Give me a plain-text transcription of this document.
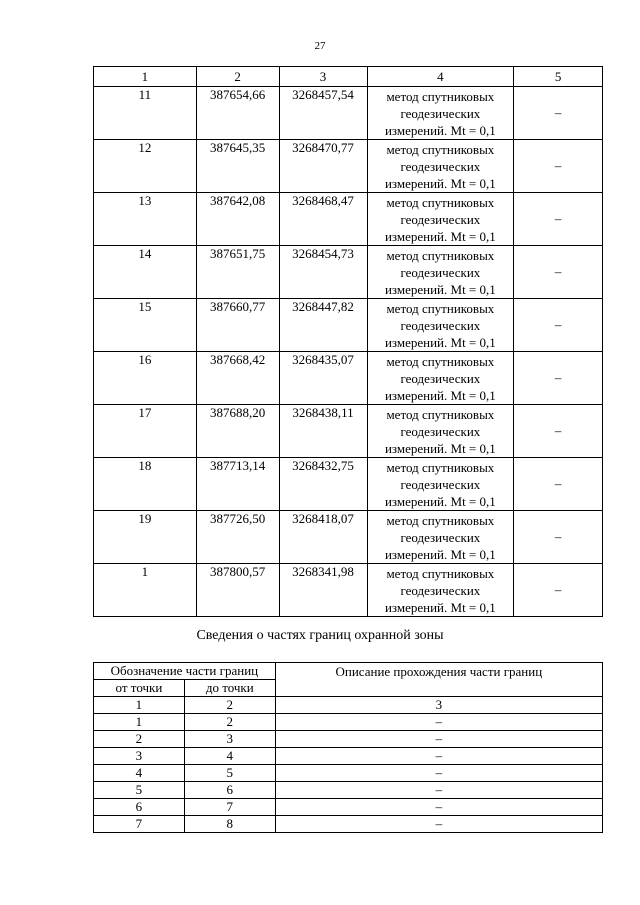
27
1	2	3	4	5
11	387654,66	3268457,54	метод спутниковых
геодезических
измерений. Mt = 0,1	–
12	387645,35	3268470,77	метод спутниковых
геодезических
измерений. Mt = 0,1	–
13	387642,08	3268468,47	метод спутниковых
геодезических
измерений. Mt = 0,1	–
14	387651,75	3268454,73	метод спутниковых
геодезических
измерений. Mt = 0,1	–
15	387660,77	3268447,82	метод спутниковых
геодезических
измерений. Mt = 0,1	–
16	387668,42	3268435,07	метод спутниковых
геодезических
измерений. Mt = 0,1	–
17	387688,20	3268438,11	метод спутниковых
геодезических
измерений. Mt = 0,1	–
18	387713,14	3268432,75	метод спутниковых
геодезических
измерений. Mt = 0,1	–
19	387726,50	3268418,07	метод спутниковых
геодезических
измерений. Mt = 0,1	–
1	387800,57	3268341,98	метод спутниковых
геодезических
измерений. Mt = 0,1	–
Сведения о частях границ охранной зоны
Обозначение части границ		Описание прохождения части границ
от точки	до точки	
1	2	3
1	2	–
2	3	–
3	4	–
4	5	–
5	6	–
6	7	–
7	8	–
